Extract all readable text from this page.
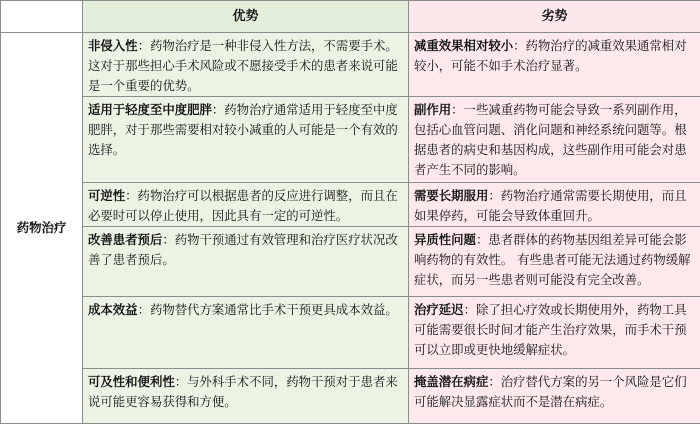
	优势	劣势
药物治疗	非侵入性：药物治疗是一种非侵入性方法，不需要手术。这对于那些担心手术风险或不愿接受手术的患者来说可能是一个重要的优势。	减重效果相对较小：药物治疗的减重效果通常相对较小，可能不如手术治疗显著。
	适用于轻度至中度肥胖：药物治疗通常适用于轻度至中度肥胖，对于那些需要相对较小减重的人可能是一个有效的选择。	副作用：一些减重药物可能会导致一系列副作用，包括心血管问题、消化问题和神经系统问题等。根据患者的病史和基因构成，这些副作用可能会对患者产生不同的影响。
	可逆性：药物治疗可以根据患者的反应进行调整，而且在必要时可以停止使用，因此具有一定的可逆性。	需要长期服用：药物治疗通常需要长期使用，而且如果停药，可能会导致体重回升。
	改善患者预后：药物干预通过有效管理和治疗医疗状况改善了患者预后。	异质性问题：患者群体的药物基因组差异可能会影响药物的有效性。 有些患者可能无法通过药物缓解症状，而另一些患者则可能没有完全改善。
	成本效益：药物替代方案通常比手术干预更具成本效益。	治疗延迟：除了担心疗效或长期使用外，药物工具可能需要很长时间才能产生治疗效果，而手术干预可以立即或更快地缓解症状。
	可及性和便利性：与外科手术不同，药物干预对于患者来说可能更容易获得和方便。	掩盖潜在病症：治疗替代方案的另一个风险是它们可能解决显露症状而不是潜在病症。
